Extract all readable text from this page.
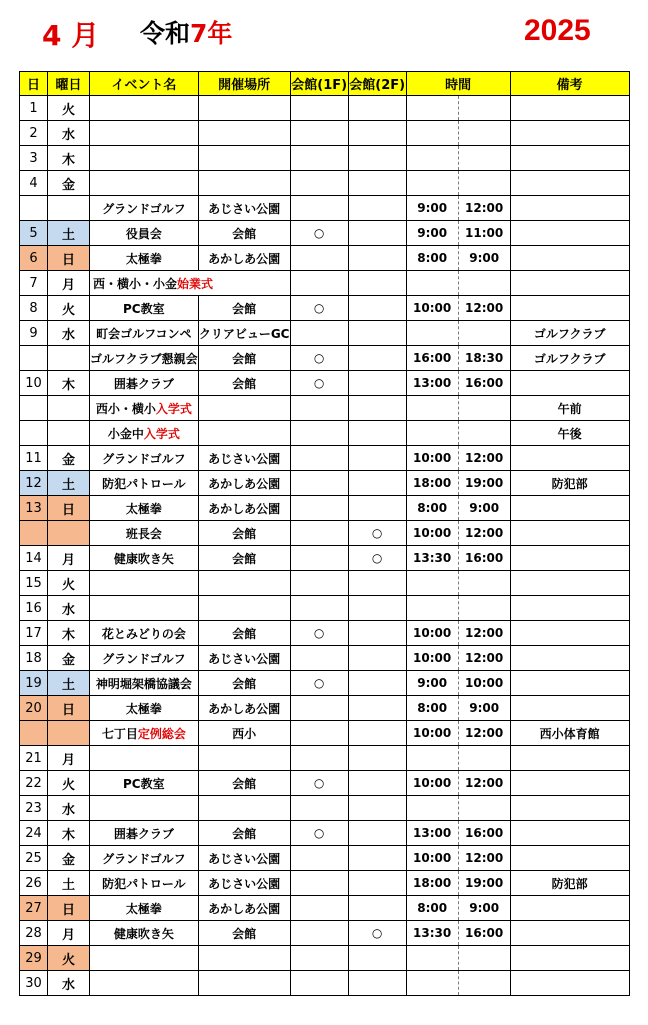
4 月 令和7年	2025
日	曜日	イベント名	開催場所	会館(1F)	会館(2F)	時間		備考
1	火							
2	水							
3	木							
4	金							
		グランドゴルフ	あじさい公園			9:00	12:00	
5	土	役員会	会館	○		9:00	11:00	
6	日	太極拳	あかしあ公園			8:00	9:00	
7	月	西・横小・小金始業式						
8	火	PC教室	会館	○		10:00	12:00	
9	水	町会ゴルフコンペ	クリアビューGC					ゴルフクラブ
		ゴルフクラブ懇親会	会館	○		16:00	18:30	ゴルフクラブ
10	木	囲碁クラブ	会館	○		13:00	16:00	
		西小・横小入学式						午前
		小金中入学式						午後
11	金	グランドゴルフ	あじさい公園			10:00	12:00	
12	土	防犯パトロール	あかしあ公園			18:00	19:00	防犯部
13	日	太極拳	あかしあ公園			8:00	9:00	
		班長会	会館		○	10:00	12:00	
14	月	健康吹き矢	会館		○	13:30	16:00	
15	火							
16	水							
17	木	花とみどりの会	会館	○		10:00	12:00	
18	金	グランドゴルフ	あじさい公園			10:00	12:00	
19	土	神明堀架橋協議会	会館	○		9:00	10:00	
20	日	太極拳	あかしあ公園			8:00	9:00	
		七丁目定例総会	西小			10:00	12:00	西小体育館
21	月							
22	火	PC教室	会館	○		10:00	12:00	
23	水							
24	木	囲碁クラブ	会館	○		13:00	16:00	
25	金	グランドゴルフ	あじさい公園			10:00	12:00	
26	土	防犯パトロール	あじさい公園			18:00	19:00	防犯部
27	日	太極拳	あかしあ公園			8:00	9:00	
28	月	健康吹き矢	会館		○	13:30	16:00	
29	火							
30	水							
